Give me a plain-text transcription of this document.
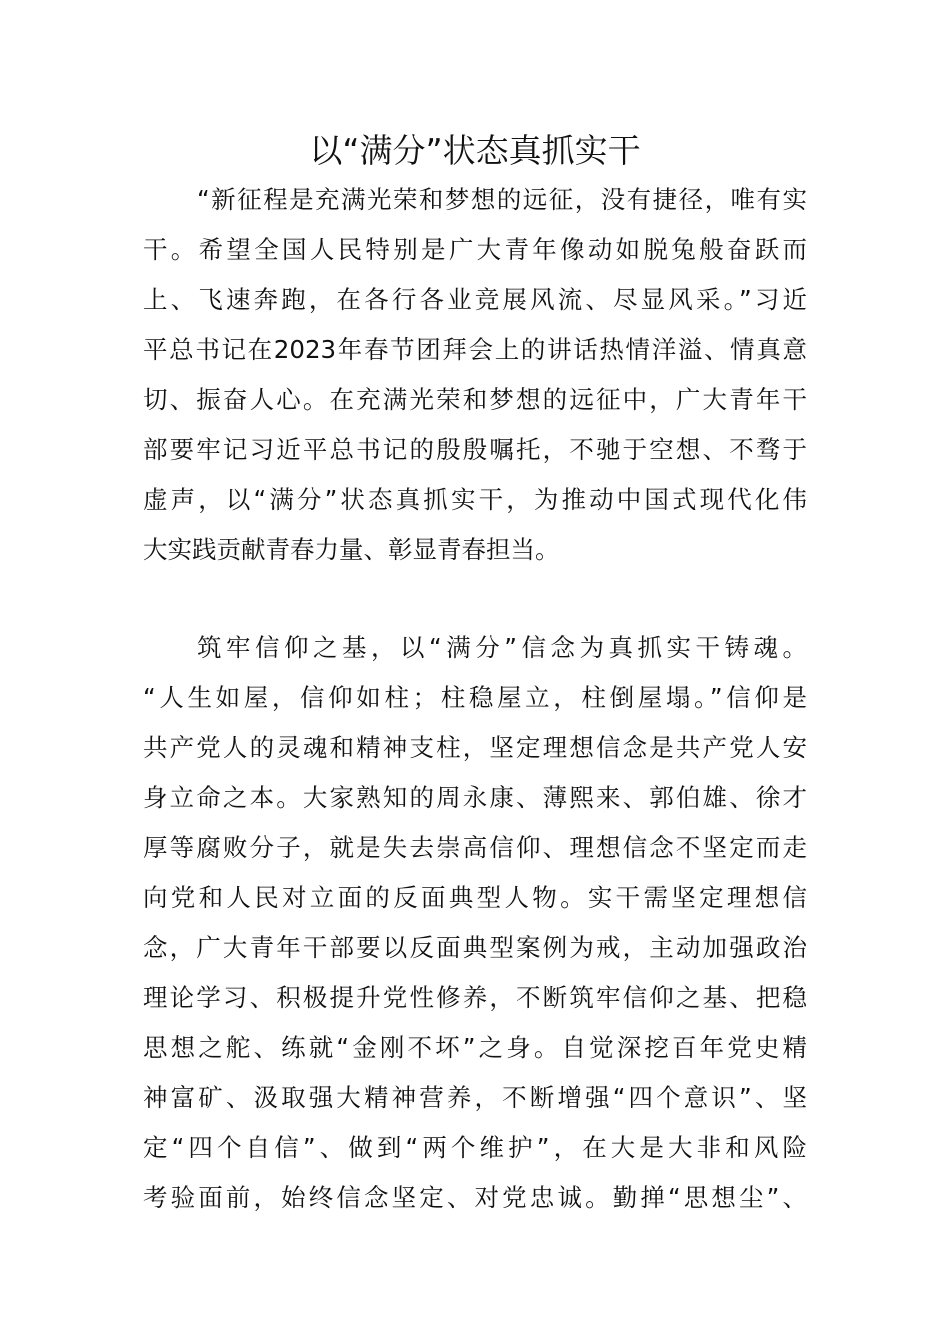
以“满分”状态真抓实干

“新征程是充满光荣和梦想的远征，没有捷径，唯有实

干。希望全国人民特别是广大青年像动如脱兔般奋跃而

上、飞速奔跑，在各行各业竞展风流、尽显风采。”习近

平总书记在2023年春节团拜会上的讲话热情洋溢、情真意

切、振奋人心。在充满光荣和梦想的远征中，广大青年干

部要牢记习近平总书记的殷殷嘱托，不驰于空想、不骛于

虚声，以“满分”状态真抓实干，为推动中国式现代化伟

大实践贡献青春力量、彰显青春担当。

筑牢信仰之基，以“满分”信念为真抓实干铸魂。

“人生如屋，信仰如柱；柱稳屋立，柱倒屋塌。”信仰是

共产党人的灵魂和精神支柱，坚定理想信念是共产党人安

身立命之本。大家熟知的周永康、薄熙来、郭伯雄、徐才

厚等腐败分子，就是失去崇高信仰、理想信念不坚定而走

向党和人民对立面的反面典型人物。实干需坚定理想信

念，广大青年干部要以反面典型案例为戒，主动加强政治

理论学习、积极提升党性修养，不断筑牢信仰之基、把稳

思想之舵、练就“金刚不坏”之身。自觉深挖百年党史精

神富矿、汲取强大精神营养，不断增强“四个意识”、坚

定“四个自信”、做到“两个维护”，在大是大非和风险

考验面前，始终信念坚定、对党忠诚。勤掸“思想尘”、
